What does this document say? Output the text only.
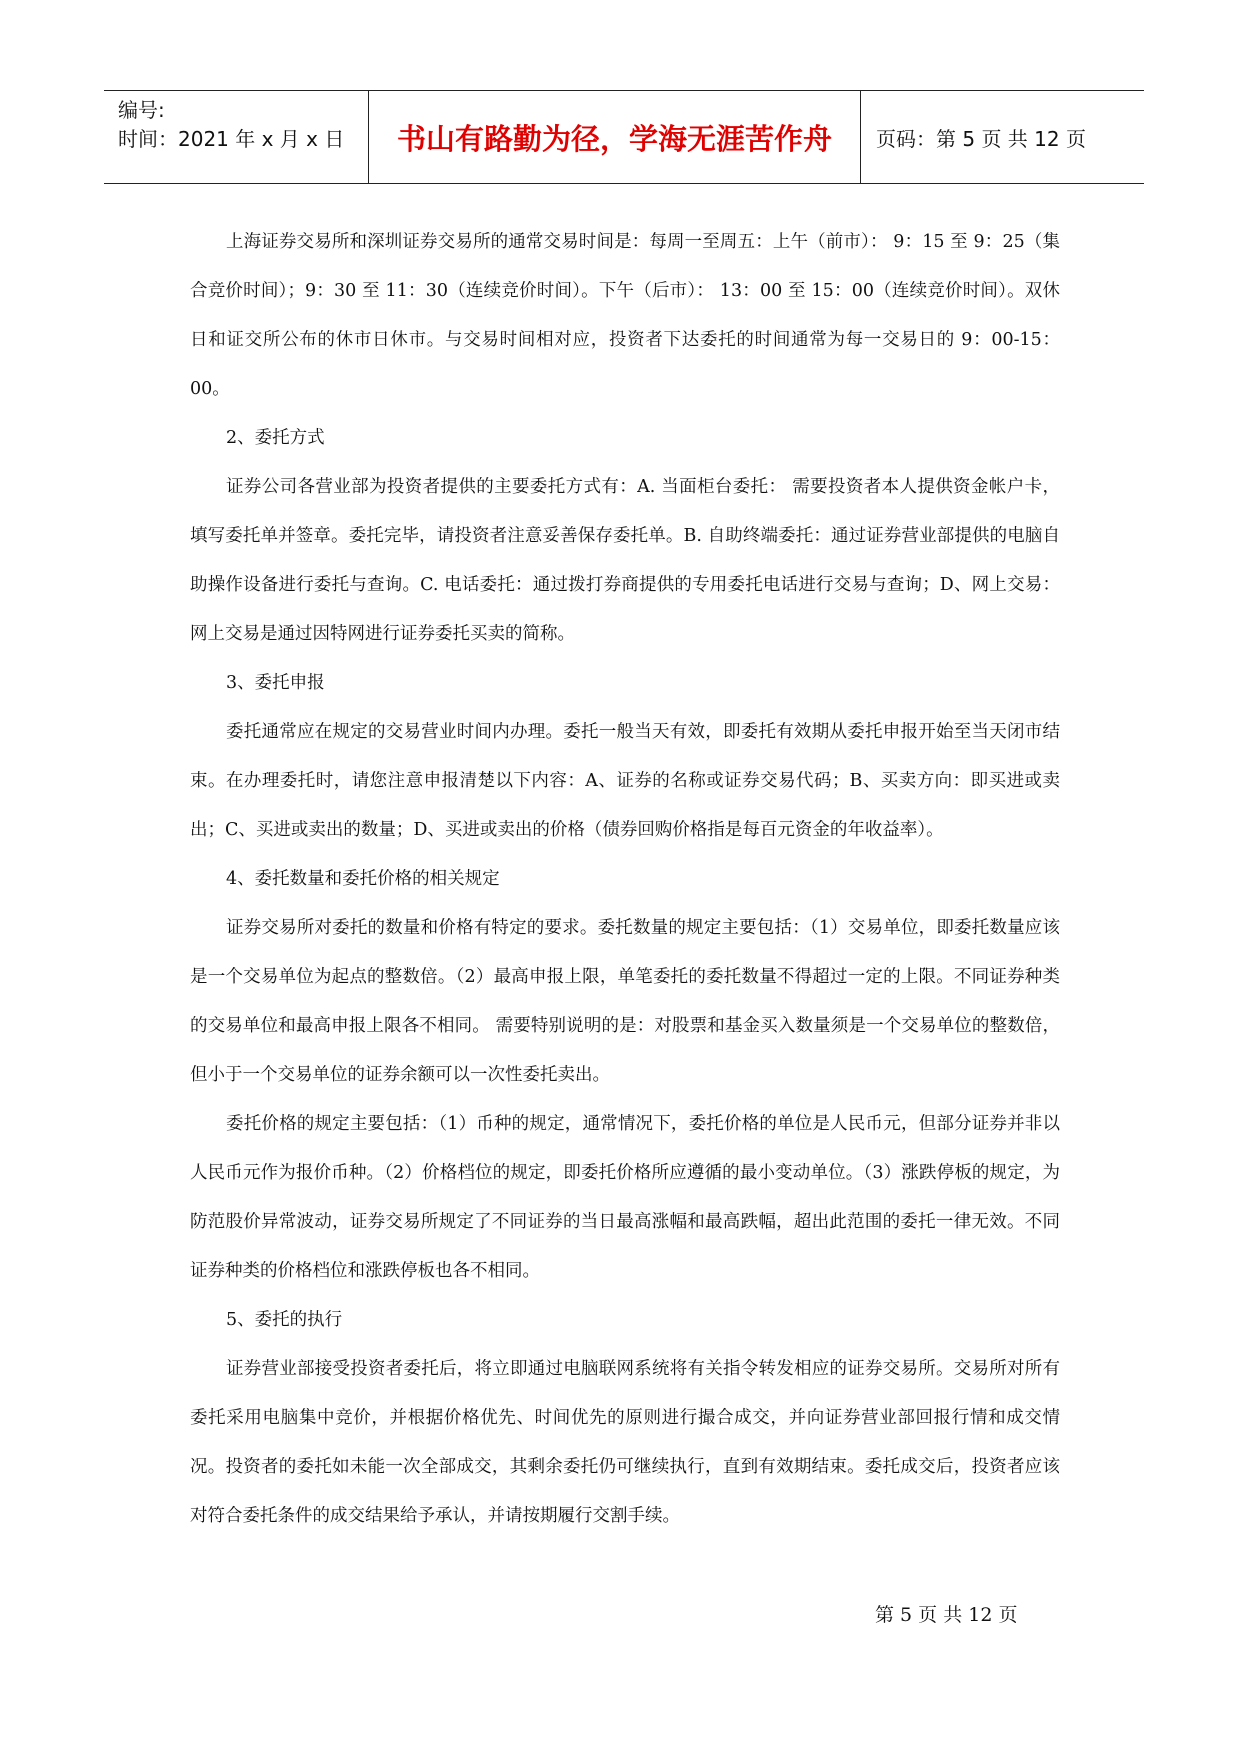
编号:
时间：2021 年 x 月 x 日 书山有路勤为径，学海无涯苦作舟 页码：第 5 页 共 12 页

上海证券交易所和深圳证券交易所的通常交易时间是：每周一至周五：上午（前市）： 9：15 至 9：25（集合竞价时间）；9：30 至 11：30（连续竞价时间）。下午（后市）： 13：00 至 15：00（连续竞价时间）。双休日和证交所公布的休市日休市。与交易时间相对应，投资者下达委托的时间通常为每一交易日的 9：00-15： 00。

2、委托方式

证券公司各营业部为投资者提供的主要委托方式有：A. 当面柜台委托： 需要投资者本人提供资金帐户卡，填写委托单并签章。委托完毕，请投资者注意妥善保存委托单。B. 自助终端委托：通过证券营业部提供的电脑自助操作设备进行委托与查询。C. 电话委托：通过拨打券商提供的专用委托电话进行交易与查询；D、网上交易： 网上交易是通过因特网进行证券委托买卖的简称。

3、委托申报

委托通常应在规定的交易营业时间内办理。委托一般当天有效，即委托有效期从委托申报开始至当天闭市结束。在办理委托时，请您注意申报清楚以下内容：A、证券的名称或证券交易代码；B、买卖方向：即买进或卖出；C、买进或卖出的数量；D、买进或卖出的价格（债券回购价格指是每百元资金的年收益率）。

4、委托数量和委托价格的相关规定

证券交易所对委托的数量和价格有特定的要求。委托数量的规定主要包括：（1）交易单位，即委托数量应该是一个交易单位为起点的整数倍。（2）最高申报上限，单笔委托的委托数量不得超过一定的上限。不同证券种类的交易单位和最高申报上限各不相同。 需要特别说明的是：对股票和基金买入数量须是一个交易单位的整数倍，但小于一个交易单位的证券余额可以一次性委托卖出。

委托价格的规定主要包括：（1）币种的规定，通常情况下，委托价格的单位是人民币元，但部分证券并非以人民币元作为报价币种。（2）价格档位的规定，即委托价格所应遵循的最小变动单位。（3）涨跌停板的规定，为防范股价异常波动，证券交易所规定了不同证券的当日最高涨幅和最高跌幅，超出此范围的委托一律无效。不同证券种类的价格档位和涨跌停板也各不相同。

5、委托的执行

证券营业部接受投资者委托后，将立即通过电脑联网系统将有关指令转发相应的证券交易所。交易所对所有委托采用电脑集中竞价，并根据价格优先、时间优先的原则进行撮合成交，并向证券营业部回报行情和成交情况。投资者的委托如未能一次全部成交，其剩余委托仍可继续执行，直到有效期结束。委托成交后，投资者应该对符合委托条件的成交结果给予承认，并请按期履行交割手续。

第 5 页 共 12 页
